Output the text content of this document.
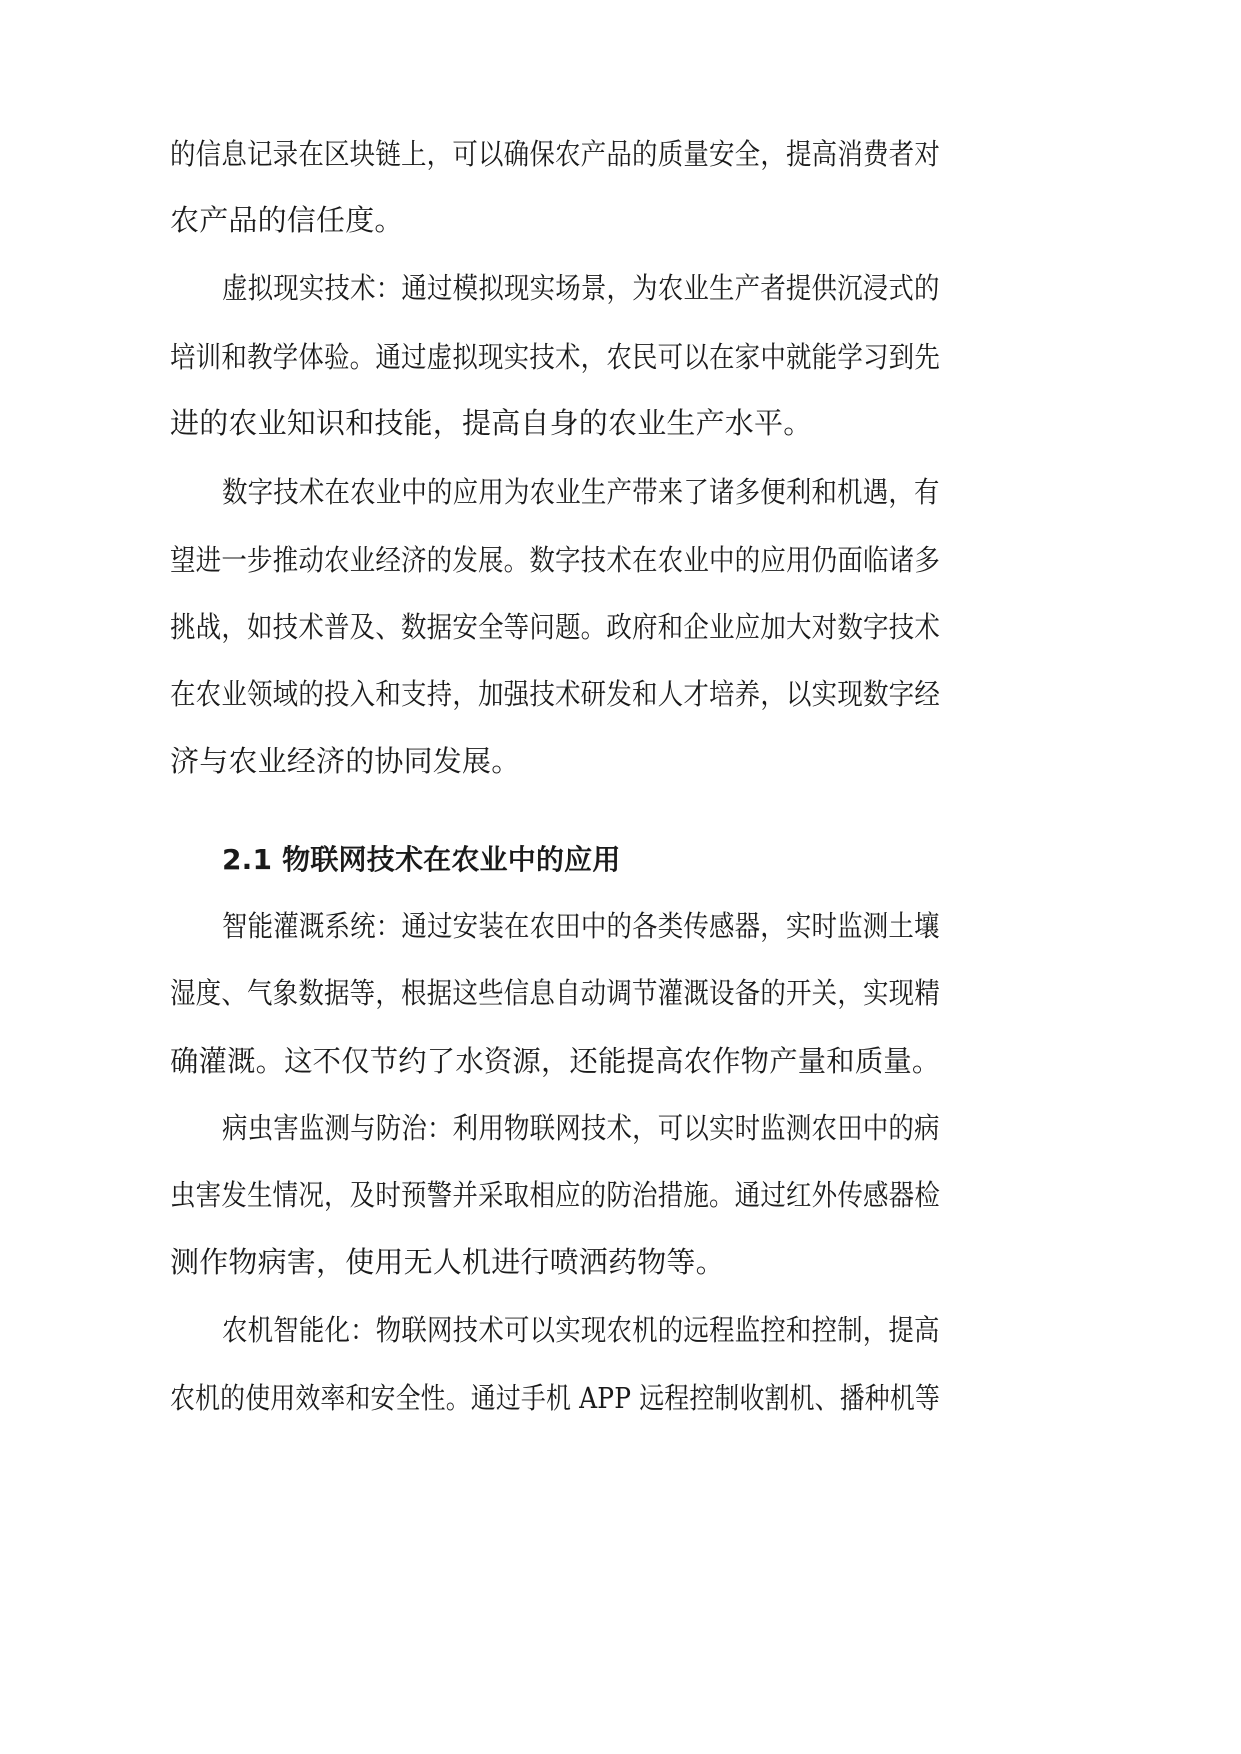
的信息记录在区块链上，可以确保农产品的质量安全，提高消费者对
农产品的信任度。
虚拟现实技术：通过模拟现实场景，为农业生产者提供沉浸式的
培训和教学体验。通过虚拟现实技术，农民可以在家中就能学习到先
进的农业知识和技能，提高自身的农业生产水平。
数字技术在农业中的应用为农业生产带来了诸多便利和机遇，有
望进一步推动农业经济的发展。数字技术在农业中的应用仍面临诸多
挑战，如技术普及、数据安全等问题。政府和企业应加大对数字技术
在农业领域的投入和支持，加强技术研发和人才培养，以实现数字经
济与农业经济的协同发展。
2.1 物联网技术在农业中的应用
智能灌溉系统：通过安装在农田中的各类传感器，实时监测土壤
湿度、气象数据等，根据这些信息自动调节灌溉设备的开关，实现精
确灌溉。这不仅节约了水资源，还能提高农作物产量和质量。
病虫害监测与防治：利用物联网技术，可以实时监测农田中的病
虫害发生情况，及时预警并采取相应的防治措施。通过红外传感器检
测作物病害，使用无人机进行喷洒药物等。
农机智能化：物联网技术可以实现农机的远程监控和控制，提高
农机的使用效率和安全性。通过手机 APP 远程控制收割机、播种机等
